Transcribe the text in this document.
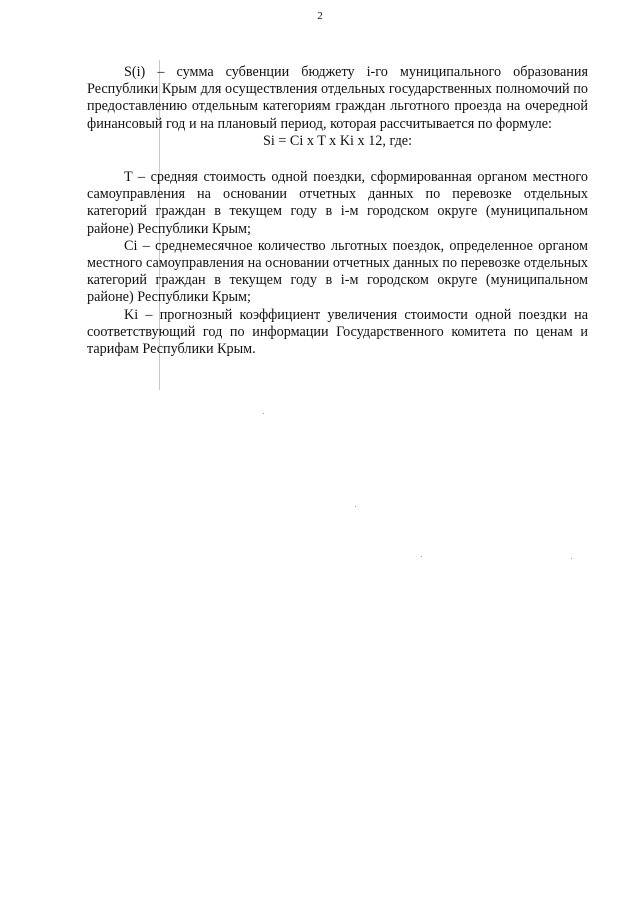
2

S(i) – сумма субвенции бюджету i-го муниципального образования Республики Крым для осуществления отдельных государственных полномочий по предоставлению отдельным категориям граждан льготного проезда на очередной финансовый год и на плановый период, которая рассчитывается по формуле:

Si = Ci x T x Ki x 12, где:

T – средняя стоимость одной поездки, сформированная органом местного самоуправления на основании отчетных данных по перевозке отдельных категорий граждан в текущем году в i-м городском округе (муниципальном районе) Республики Крым;

Ci – среднемесячное количество льготных поездок, определенное органом местного самоуправления на основании отчетных данных по перевозке отдельных категорий граждан в текущем году в i-м городском округе (муниципальном районе) Республики Крым;

Ki – прогнозный коэффициент увеличения стоимости одной поездки на соответствующий год по информации Государственного комитета по ценам и тарифам Республики Крым.
